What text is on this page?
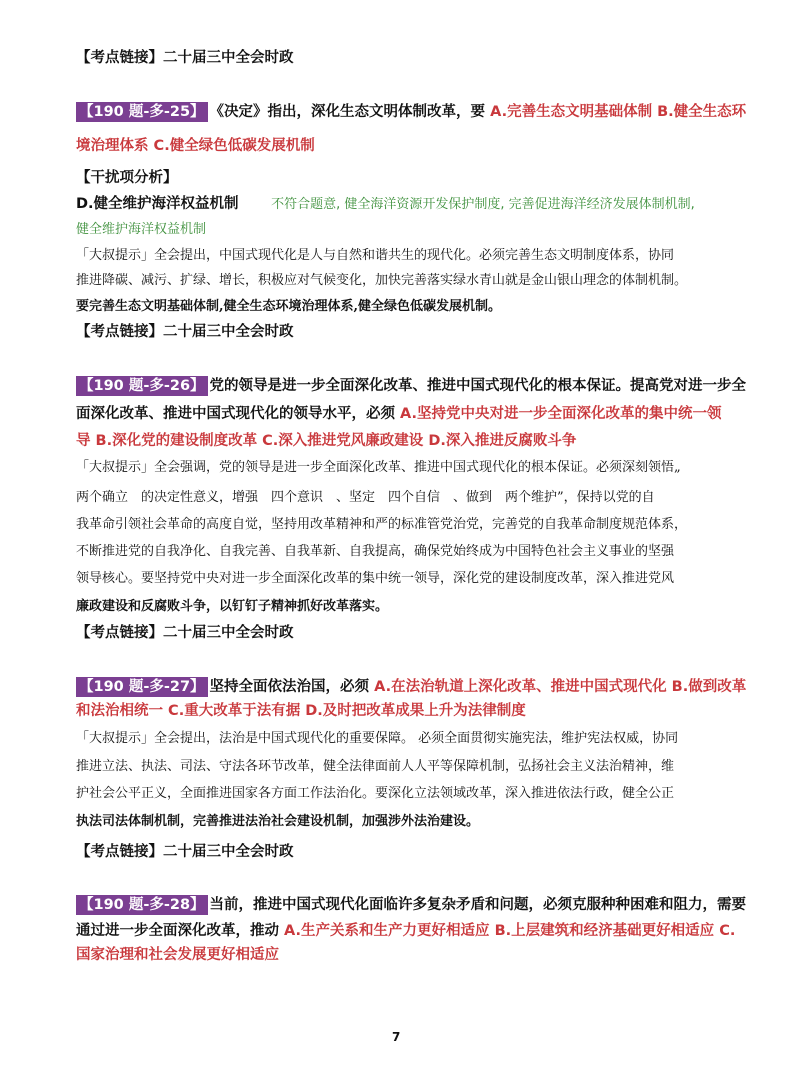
【考点链接】二十届三中全会时政
【190 题-多-25】 《决定》指出，深化生态文明体制改革，要 A.完善生态文明基础体制 B.健全生态环
境治理体系 C.健全绿色低碳发展机制
【干扰项分析】
D.健全维护海洋权益机制	不符合题意, 健全海洋资源开发保护制度, 完善促进海洋经济发展体制机制,
健全维护海洋权益机制
「大叔提示」全会提出，中国式现代化是人与自然和谐共生的现代化。必须完善生态文明制度体系，协同
推进降碳、减污、扩绿、增长，积极应对气候变化，加快完善落实绿水青山就是金山银山理念的体制机制。
要完善生态文明基础体制,健全生态环境治理体系,健全绿色低碳发展机制。
【考点链接】二十届三中全会时政
【190 题-多-26】 党的领导是进一步全面深化改革、推进中国式现代化的根本保证。提高党对进一步全
面深化改革、推进中国式现代化的领导水平，必须 A.坚持党中央对进一步全面深化改革的集中统一领
导 B.深化党的建设制度改革 C.深入推进党风廉政建设 D.深入推进反腐败斗争
「大叔提示」全会强调，党的领导是进一步全面深化改革、推进中国式现代化的根本保证。必须深刻领悟„
两个确立　的决定性意义，增强　四个意识　、坚定　四个自信　、做到　两个维护”，保持以党的自
我革命引领社会革命的高度自觉，坚持用改革精神和严的标准管党治党，完善党的自我革命制度规范体系，
不断推进党的自我净化、自我完善、自我革新、自我提高，确保党始终成为中国特色社会主义事业的坚强
领导核心。要坚持党中央对进一步全面深化改革的集中统一领导，深化党的建设制度改革，深入推进党风
廉政建设和反腐败斗争，以钉钉子精神抓好改革落实。
【考点链接】二十届三中全会时政
【190 题-多-27】 坚持全面依法治国，必须 A.在法治轨道上深化改革、推进中国式现代化 B.做到改革
和法治相统一 C.重大改革于法有据 D.及时把改革成果上升为法律制度
「大叔提示」全会提出，法治是中国式现代化的重要保障。 必须全面贯彻实施宪法，维护宪法权威，协同
推进立法、执法、司法、守法各环节改革，健全法律面前人人平等保障机制，弘扬社会主义法治精神，维
护社会公平正义，全面推进国家各方面工作法治化。要深化立法领域改革，深入推进依法行政，健全公正
执法司法体制机制，完善推进法治社会建设机制，加强涉外法治建设。
【考点链接】二十届三中全会时政
【190 题-多-28】 当前，推进中国式现代化面临许多复杂矛盾和问题，必须克服种种困难和阻力，需要
通过进一步全面深化改革，推动 A.生产关系和生产力更好相适应 B.上层建筑和经济基础更好相适应 C.
国家治理和社会发展更好相适应
7
